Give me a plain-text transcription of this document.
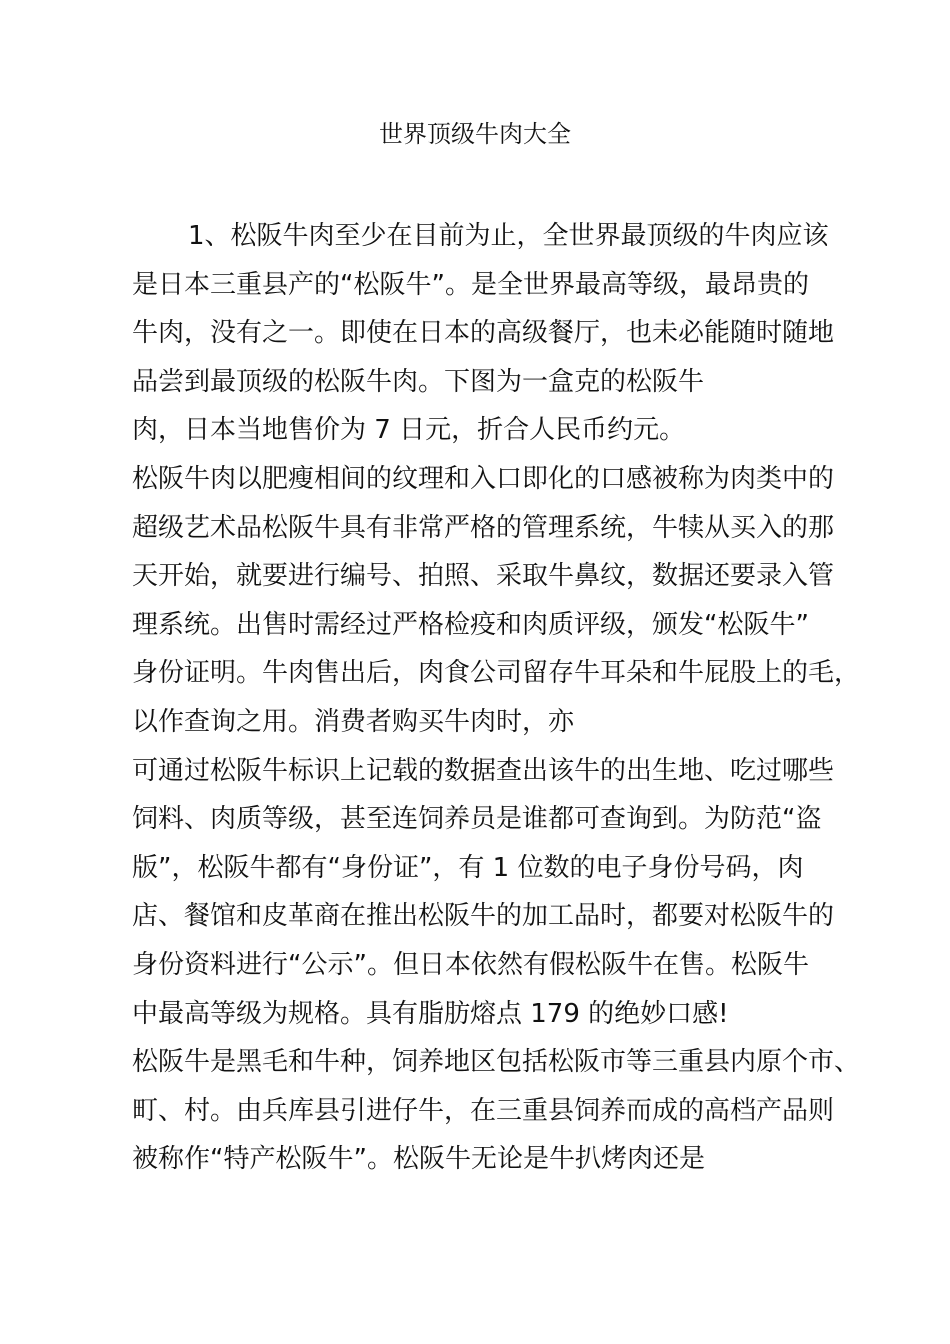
世界顶级牛肉大全
1、松阪牛肉至少在目前为止，全世界最顶级的牛肉应该
是日本三重县产的“松阪牛”。是全世界最高等级，最昂贵的
牛肉，没有之一。即使在日本的高级餐厅，也未必能随时随地
品尝到最顶级的松阪牛肉。下图为一盒克的松阪牛
肉，日本当地售价为 7 日元，折合人民币约元。
松阪牛肉以肥瘦相间的纹理和入口即化的口感被称为肉类中的
超级艺术品松阪牛具有非常严格的管理系统，牛犊从买入的那
天开始，就要进行编号、拍照、采取牛鼻纹，数据还要录入管
理系统。出售时需经过严格检疫和肉质评级，颁发“松阪牛”
身份证明。牛肉售出后，肉食公司留存牛耳朵和牛屁股上的毛，
以作查询之用。消费者购买牛肉时，亦
可通过松阪牛标识上记载的数据查出该牛的出生地、吃过哪些
饲料、肉质等级，甚至连饲养员是谁都可查询到。为防范“盗
版”，松阪牛都有“身份证”，有 1 位数的电子身份号码，肉
店、餐馆和皮革商在推出松阪牛的加工品时，都要对松阪牛的
身份资料进行“公示”。但日本依然有假松阪牛在售。松阪牛
中最高等级为规格。具有脂肪熔点 179 的绝妙口感!
松阪牛是黑毛和牛种，饲养地区包括松阪市等三重县内原个市、
町、村。由兵库县引进仔牛，在三重县饲养而成的高档产品则
被称作“特产松阪牛”。松阪牛无论是牛扒烤肉还是
